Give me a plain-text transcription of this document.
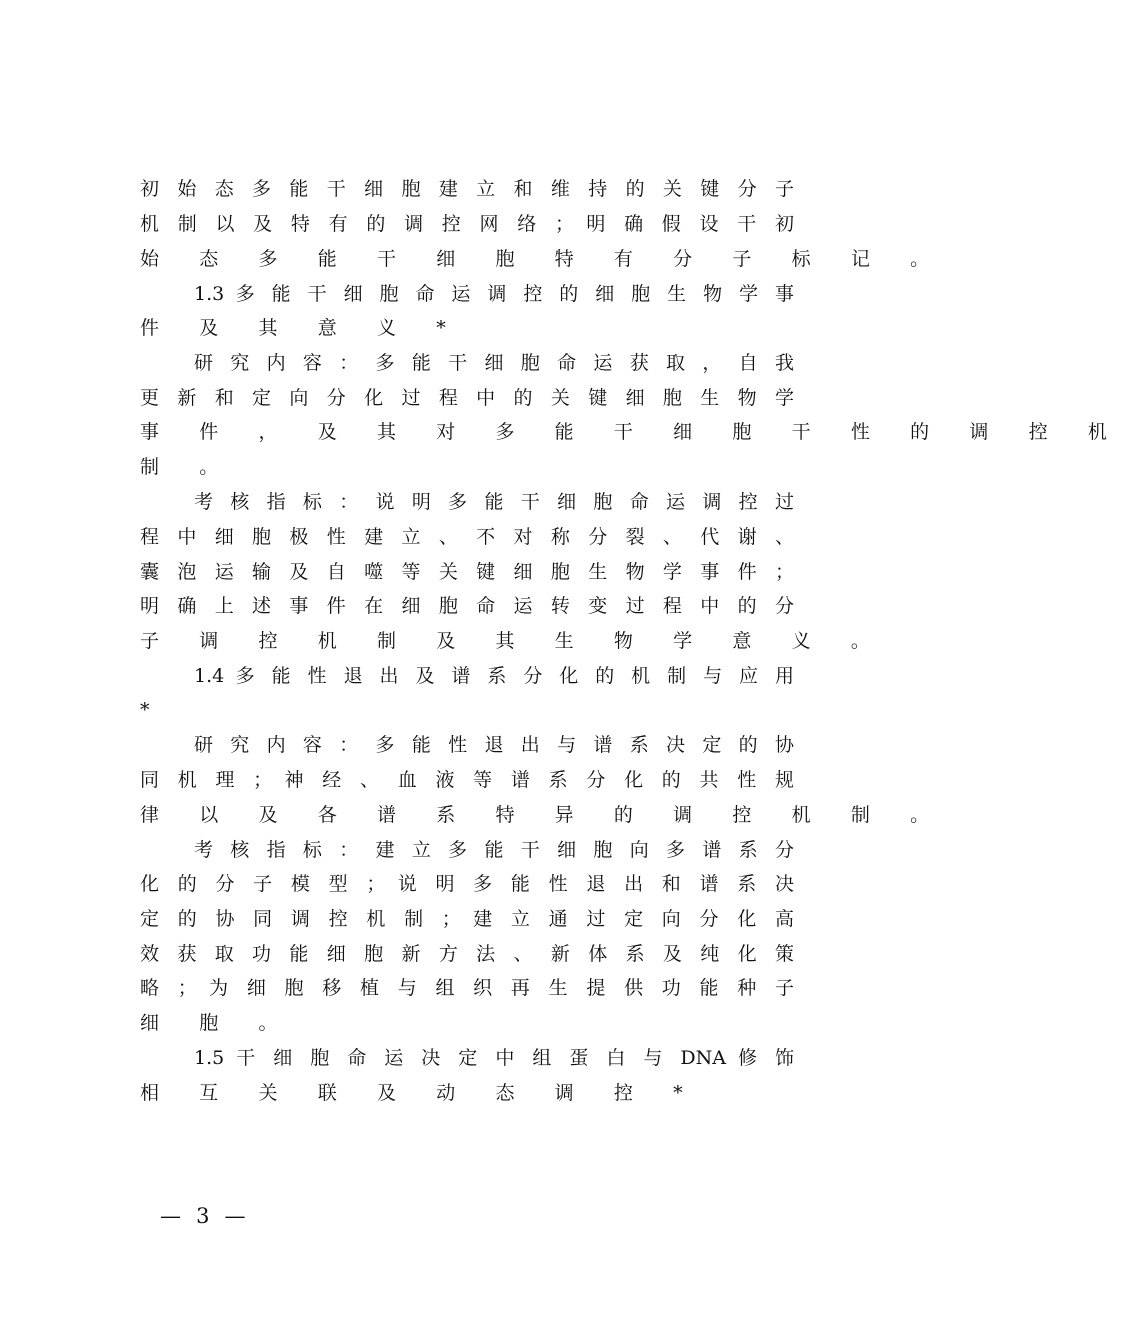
初 始 态 多 能 干 细 胞 建 立 和 维 持 的 关 键 分 子
机 制 以 及 特 有 的 调 控 网 络 ； 明 确 假 设 干 初
始 态 多 能 干 细 胞 特 有 分 子 标 记 。
1.3 多 能 干 细 胞 命 运 调 控 的 细 胞 生 物 学 事
件 及 其 意 义 *
研 究 内 容 ： 多 能 干 细 胞 命 运 获 取 ， 自 我
更 新 和 定 向 分 化 过 程 中 的 关 键 细 胞 生 物 学
事 件 ， 及 其 对 多 能 干 细 胞 干 性 的 调 控 机
制 。
考 核 指 标 ： 说 明 多 能 干 细 胞 命 运 调 控 过
程 中 细 胞 极 性 建 立 、 不 对 称 分 裂 、 代 谢 、
囊 泡 运 输 及 自 噬 等 关 键 细 胞 生 物 学 事 件 ；
明 确 上 述 事 件 在 细 胞 命 运 转 变 过 程 中 的 分
子 调 控 机 制 及 其 生 物 学 意 义 。
1.4 多 能 性 退 出 及 谱 系 分 化 的 机 制 与 应 用
*
研 究 内 容 ： 多 能 性 退 出 与 谱 系 决 定 的 协
同 机 理 ； 神 经 、 血 液 等 谱 系 分 化 的 共 性 规
律 以 及 各 谱 系 特 异 的 调 控 机 制 。
考 核 指 标 ： 建 立 多 能 干 细 胞 向 多 谱 系 分
化 的 分 子 模 型 ； 说 明 多 能 性 退 出 和 谱 系 决
定 的 协 同 调 控 机 制 ； 建 立 通 过 定 向 分 化 高
效 获 取 功 能 细 胞 新 方 法 、 新 体 系 及 纯 化 策
略 ； 为 细 胞 移 植 与 组 织 再 生 提 供 功 能 种 子
细 胞 。
1.5 干 细 胞 命 运 决 定 中 组 蛋 白 与 DNA 修 饰
相 互 关 联 及 动 态 调 控 *
— 3 —
